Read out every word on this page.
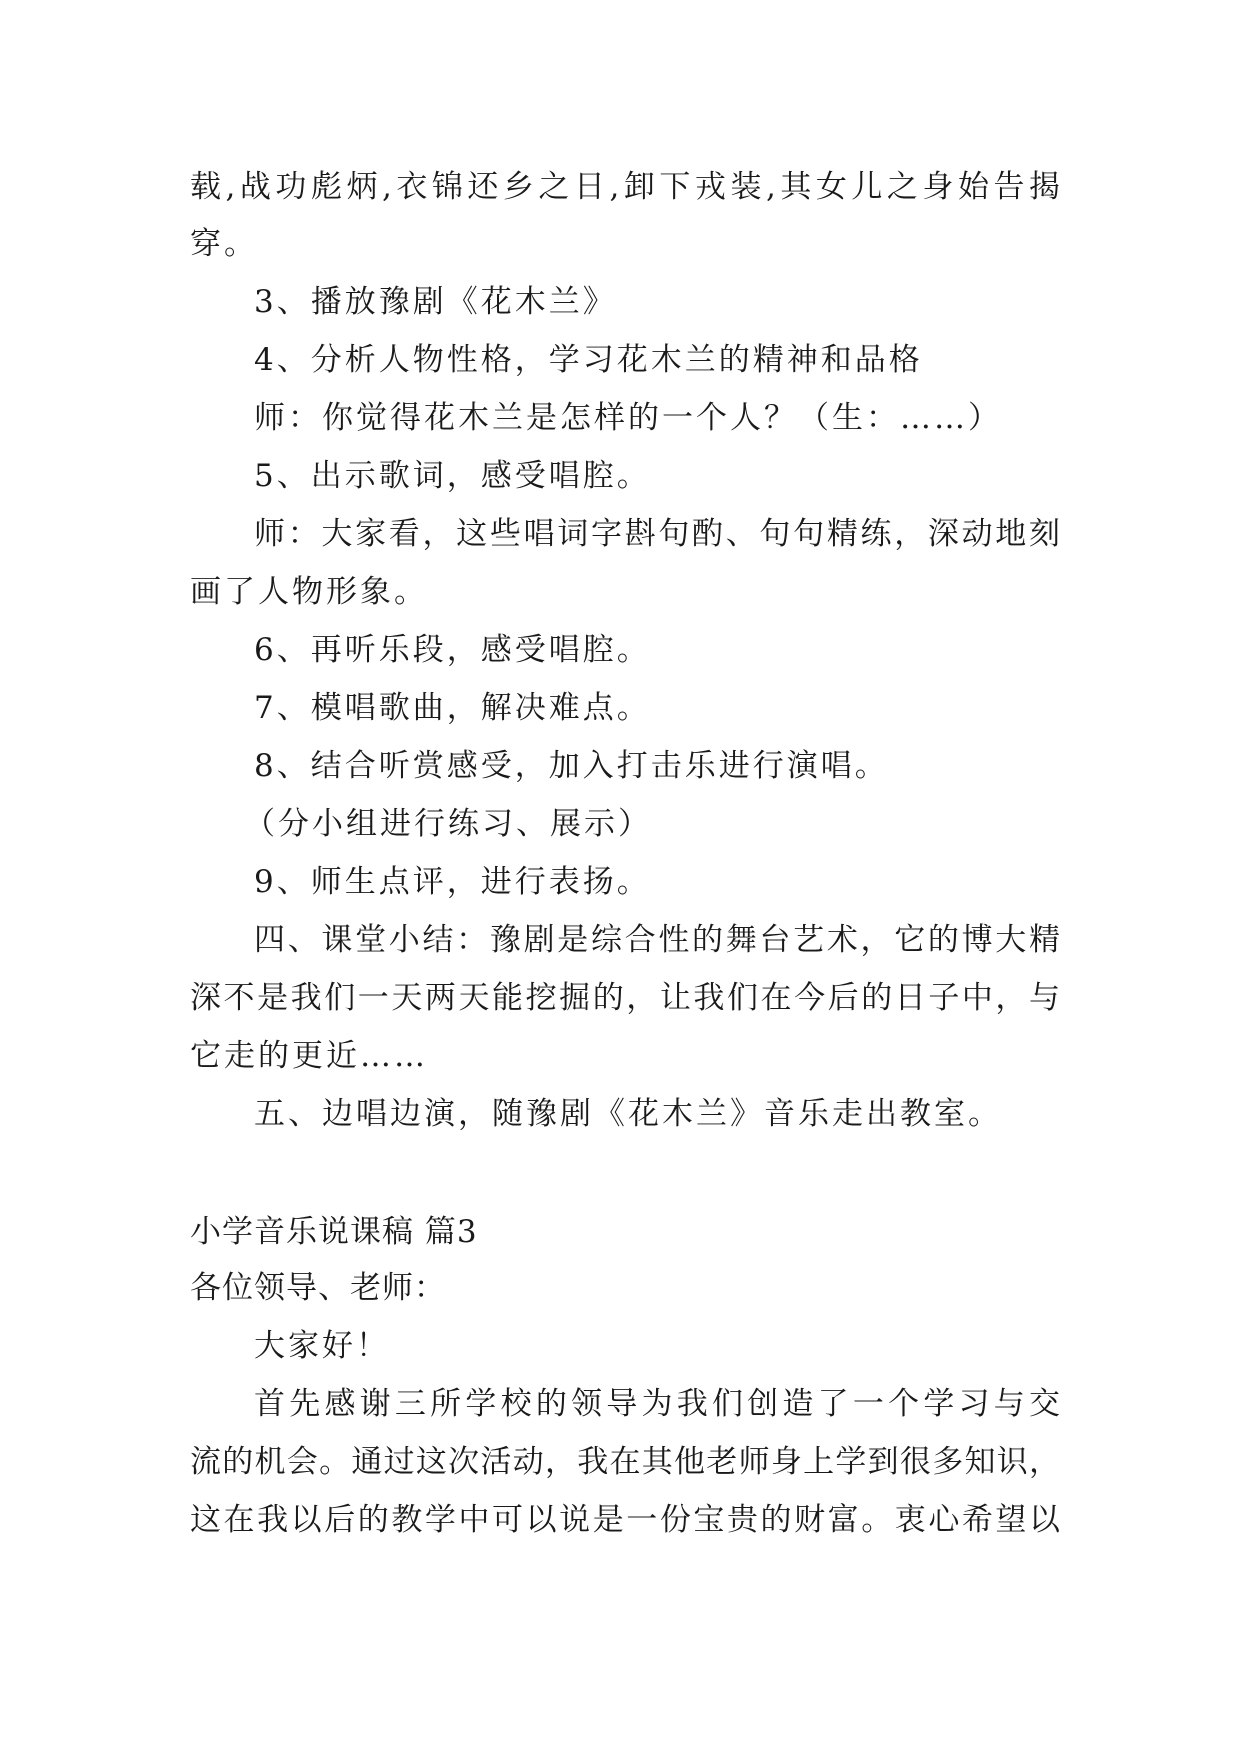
载,战功彪炳,衣锦还乡之日,卸下戎装,其女儿之身始告揭
穿。
3、播放豫剧《花木兰》
4、分析人物性格，学习花木兰的精神和品格
师：你觉得花木兰是怎样的一个人？（生：……）
5、出示歌词，感受唱腔。
师：大家看，这些唱词字斟句酌、句句精练，深动地刻
画了人物形象。
6、再听乐段，感受唱腔。
7、模唱歌曲，解决难点。
8、结合听赏感受，加入打击乐进行演唱。
（分小组进行练习、展示）
9、师生点评，进行表扬。
四、课堂小结：豫剧是综合性的舞台艺术，它的博大精
深不是我们一天两天能挖掘的，让我们在今后的日子中，与
它走的更近……
五、边唱边演，随豫剧《花木兰》音乐走出教室。
小学音乐说课稿 篇3
各位领导、老师：
大家好！
首先感谢三所学校的领导为我们创造了一个学习与交
流的机会。通过这次活动，我在其他老师身上学到很多知识，
这在我以后的教学中可以说是一份宝贵的财富。衷心希望以
